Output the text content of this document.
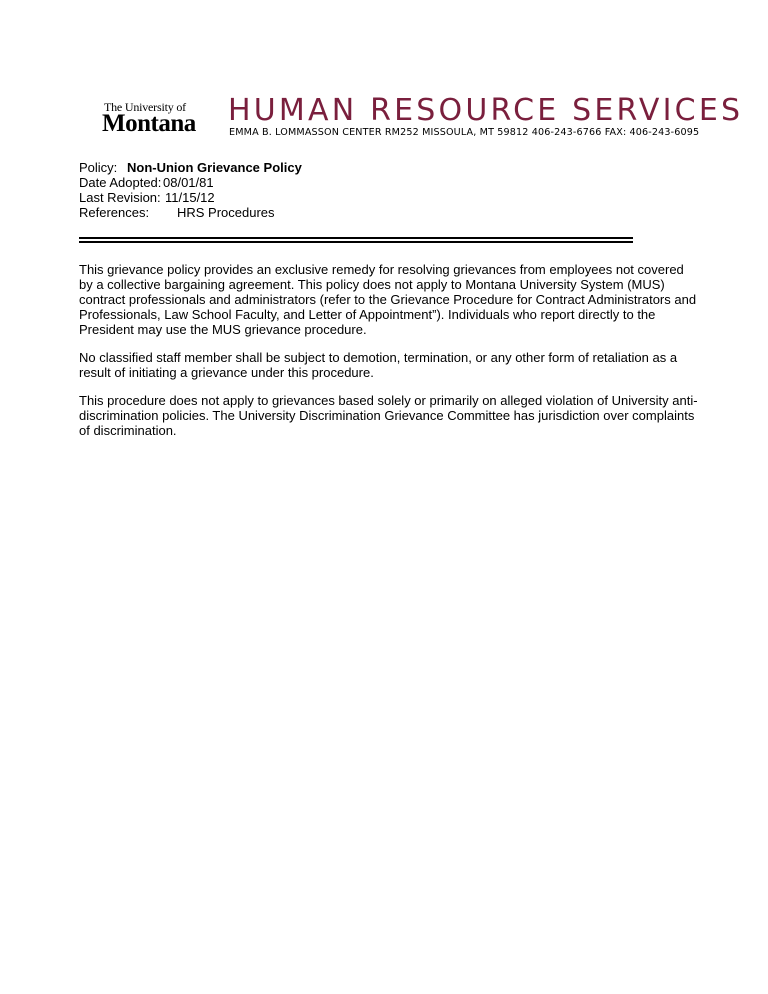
The University of
Montana HUMAN RESOURCE SERVICES
EMMA B. LOMMASSON CENTER RM252 MISSOULA, MT 59812 406-243-6766 FAX: 406-243-6095
Policy: Non-Union Grievance Policy
Date Adopted: 08/01/81
Last Revision: 11/15/12
References: HRS Procedures

This grievance policy provides an exclusive remedy for resolving grievances from employees not covered by a collective bargaining agreement. This policy does not apply to Montana University System (MUS) contract professionals and administrators (refer to the Grievance Procedure for Contract Administrators and Professionals, Law School Faculty, and Letter of Appointment”). Individuals who report directly to the President may use the MUS grievance procedure.

No classified staff member shall be subject to demotion, termination, or any other form of retaliation as a result of initiating a grievance under this procedure.

This procedure does not apply to grievances based solely or primarily on alleged violation of University anti-discrimination policies. The University Discrimination Grievance Committee has jurisdiction over complaints of discrimination.
